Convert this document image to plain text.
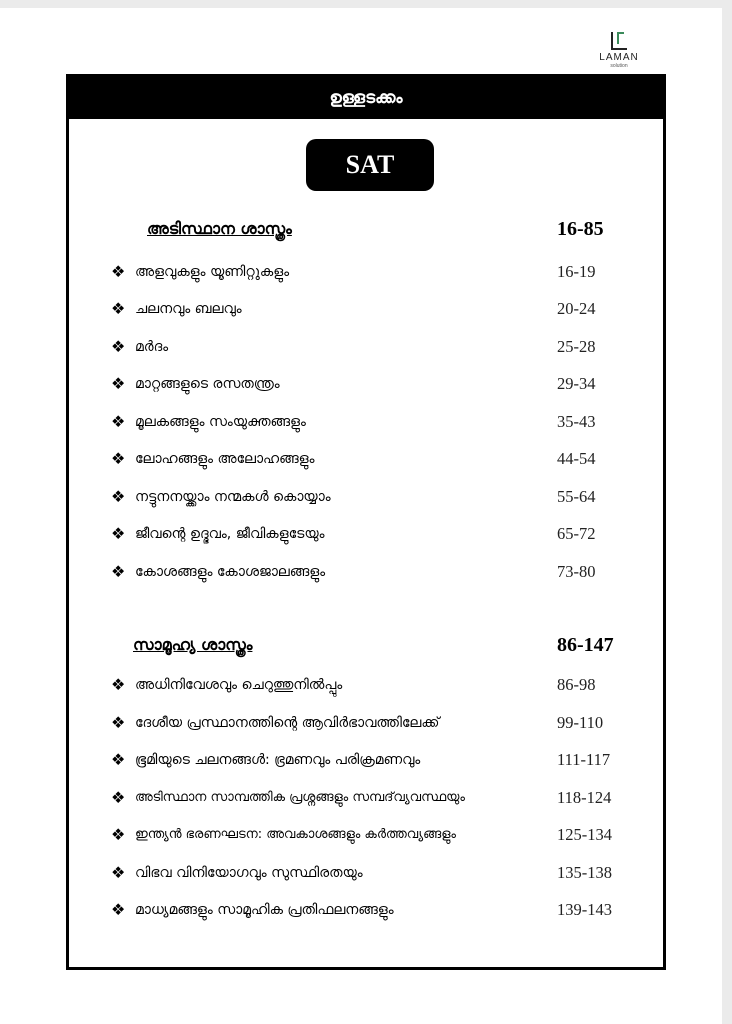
LAMAN
solution
ഉള്ളടക്കം
SAT
അടിസ്ഥാന ശാസ്ത്രം	16-85
❖ അളവുകളും യൂണിറ്റുകളും	16-19
❖ ചലനവും ബലവും	20-24
❖ മർദം	25-28
❖ മാറ്റങ്ങളുടെ രസതന്ത്രം	29-34
❖ മൂലകങ്ങളും സംയുക്തങ്ങളും	35-43
❖ ലോഹങ്ങളും അലോഹങ്ങളും	44-54
❖ നട്ടുനനയ്ക്കാം നന്മകൾ കൊയ്യാം	55-64
❖ ജീവന്റെ ഉദ്ഭവം, ജീവികളുടേയും	65-72
❖ കോശങ്ങളും കോശജാലങ്ങളും	73-80
സാമൂഹ്യ ശാസ്ത്രം	86-147
❖ അധിനിവേശവും ചെറുത്തുനിൽപ്പും	86-98
❖ ദേശീയ പ്രസ്ഥാനത്തിന്റെ ആവിർഭാവത്തിലേക്ക്	99-110
❖ ഭൂമിയുടെ ചലനങ്ങൾ: ഭ്രമണവും പരിക്രമണവും	111-117
❖ അടിസ്ഥാന സാമ്പത്തിക പ്രശ്നങ്ങളും സമ്പദ്‌വ്യവസ്ഥയും	118-124
❖ ഇന്ത്യൻ ഭരണഘടന: അവകാശങ്ങളും കർത്തവ്യങ്ങളും	125-134
❖ വിഭവ വിനിയോഗവും സുസ്ഥിരതയും	135-138
❖ മാധ്യമങ്ങളും സാമൂഹിക പ്രതിഫലനങ്ങളും	139-143
